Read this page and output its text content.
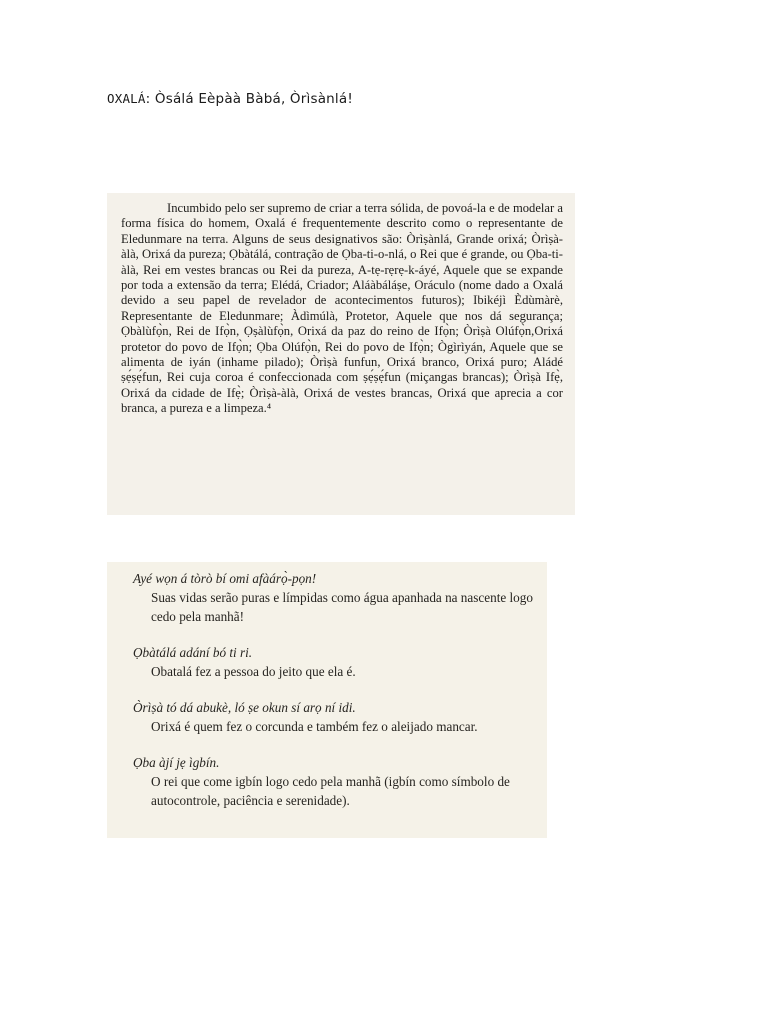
OXALÁ: Òsálá Eèpàà Bàbá, Òrìsànlá!

Incumbido pelo ser supremo de criar a terra sólida, de povoá-la e de modelar a forma física do homem, Oxalá é frequentemente descrito como o representante de Eledunmare na terra. Alguns de seus designativos são: Òrìṣànlá, Grande orixá; Òrìṣà-àlà, Orixá da pureza; Ọbàtálá, contração de Ọba-ti-o-nlá, o Rei que é grande, ou Ọba-ti-àlà, Rei em vestes brancas ou Rei da pureza, A-tẹ-rẹrẹ-k-áyé, Aquele que se expande por toda a extensão da terra; Elédá, Criador; Aláàbáláṣe, Oráculo (nome dado a Oxalá devido a seu papel de revelador de acontecimentos futuros); Ibikéjì Èdùmàrè, Representante de Eledunmare; Àdìmúlà, Protetor, Aquele que nos dá segurança; Ọbàlùfọ̀n, Rei de Ifọ̀n, Ọṣàlùfọ̀n, Orixá da paz do reino de Ifọ̀n; Òrìṣà Olúfọ̀n,Orixá protetor do povo de Ifọ̀n; Ọba Olúfọ̀n, Rei do povo de Ifọ̀n; Ògìrìyán, Aquele que se alimenta de iyán (inhame pilado); Òrìṣà funfun, Orixá branco, Orixá puro; Aládé ṣẹ́ṣẹ́fun, Rei cuja coroa é confeccionada com ṣẹ́ṣẹ́fun (miçangas brancas); Òrìṣà Ifẹ̀, Orixá da cidade de Ifẹ̀; Òrìṣà-àlà, Orixá de vestes brancas, Orixá que aprecia a cor branca, a pureza e a limpeza.⁴

Ayé wọn á tòrò bí omi afàárọ̀-pọn!
Suas vidas serão puras e límpidas como água apanhada na nascente logo cedo pela manhã!
Ọbàtálá adání bó ti ri.
Obatalá fez a pessoa do jeito que ela é.
Òrìṣà tó dá abukè, ló ṣe okun sí arọ ní idi.
Orixá é quem fez o corcunda e também fez o aleijado mancar.
Ọba àjí jẹ ìgbín.
O rei que come igbín logo cedo pela manhã (igbín como símbolo de autocontrole, paciência e serenidade).
